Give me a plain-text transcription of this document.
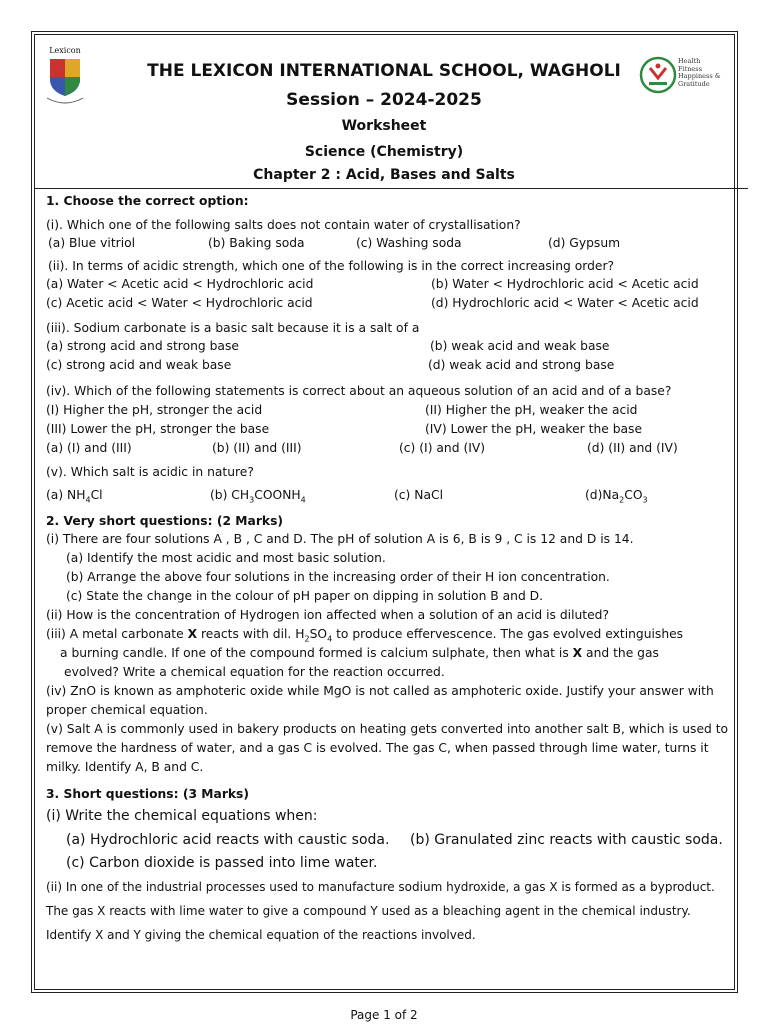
Lexicon
Health
Fitness
Happiness &
Gratitude
THE LEXICON INTERNATIONAL SCHOOL, WAGHOLI
Session – 2024-2025
Worksheet
Science (Chemistry)
Chapter 2 : Acid, Bases and Salts
1. Choose the correct option:
(i). Which one of the following salts does not contain water of crystallisation?
(a) Blue vitriol	(b) Baking soda	(c) Washing soda	(d) Gypsum
(ii). In terms of acidic strength, which one of the following is in the correct increasing order?
(a) Water < Acetic acid < Hydrochloric acid	(b) Water < Hydrochloric acid < Acetic acid
(c) Acetic acid < Water < Hydrochloric acid	(d) Hydrochloric acid < Water < Acetic acid
(iii). Sodium carbonate is a basic salt because it is a salt of a
(a) strong acid and strong base	(b) weak acid and weak base
(c) strong acid and weak base	(d) weak acid and strong base
(iv). Which of the following statements is correct about an aqueous solution of an acid and of a base?
(I) Higher the pH, stronger the acid	(II) Higher the pH, weaker the acid
(III) Lower the pH, stronger the base	(IV) Lower the pH, weaker the base
(a) (I) and (III)	(b) (II) and (III)	(c) (I) and (IV)	(d) (II) and (IV)
(v). Which salt is acidic in nature?
(a) $NH_4Cl$	(b) $CH_3COONH_4$	(c) NaCl	$(d)Na_2CO_3$
2. Very short questions: (2 Marks)
(i) There are four solutions A , B , C and D. The pH of solution A is 6, B is 9 , C is 12 and D is 14.
(a) Identify the most acidic and most basic solution.
(b) Arrange the above four solutions in the increasing order of their H ion concentration.
(c) State the change in the colour of pH paper on dipping in solution B and D.
(ii) How is the concentration of Hydrogen ion affected when a solution of an acid is diluted?
(iii) A metal carbonate X reacts with dil. $H_2SO_4$ to produce effervescence. The gas evolved extinguishes
a burning candle. If one of the compound formed is calcium sulphate, then what is X and the gas
evolved? Write a chemical equation for the reaction occurred.
(iv) ZnO is known as amphoteric oxide while MgO is not called as amphoteric oxide. Justify your answer with
proper chemical equation.
(v) Salt A is commonly used in bakery products on heating gets converted into another salt B, which is used to
remove the hardness of water, and a gas C is evolved. The gas C, when passed through lime water, turns it
milky. Identify A, B and C.
3. Short questions: (3 Marks)
(i) Write the chemical equations when:
(a) Hydrochloric acid reacts with caustic soda. (b) Granulated zinc reacts with caustic soda.
(c) Carbon dioxide is passed into lime water.
(ii) In one of the industrial processes used to manufacture sodium hydroxide, a gas X is formed as a byproduct.
The gas X reacts with lime water to give a compound Y used as a bleaching agent in the chemical industry.
Identify X and Y giving the chemical equation of the reactions involved.
Page 1 of 2
